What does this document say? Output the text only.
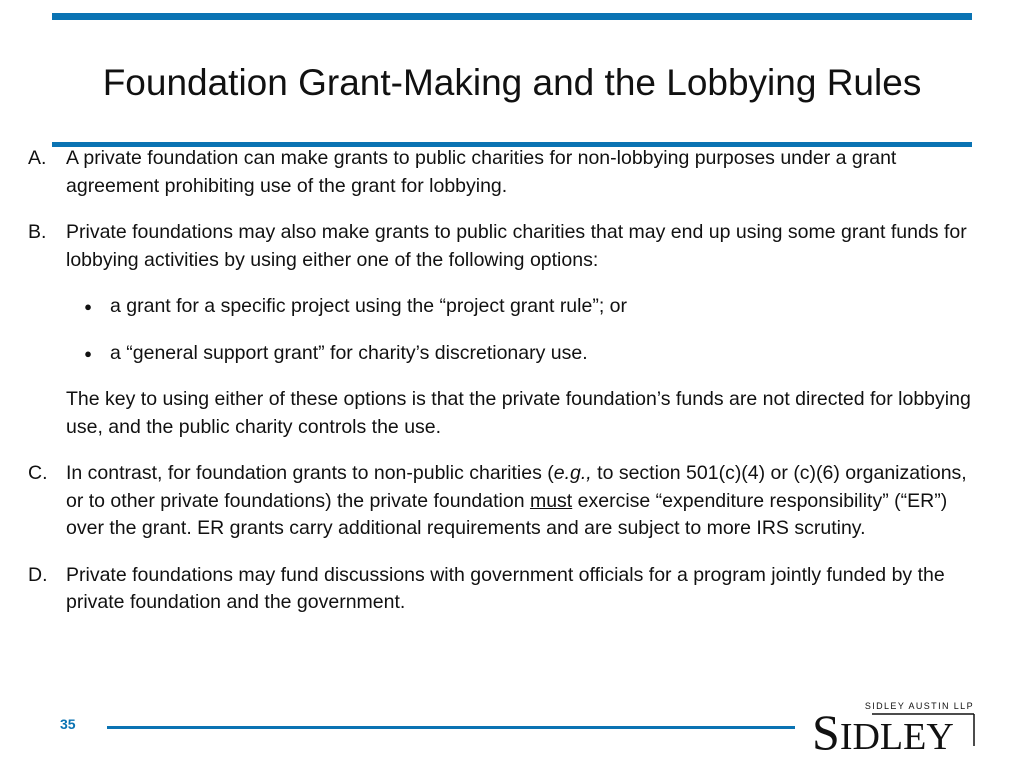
Foundation Grant-Making and the Lobbying Rules
A.	A private foundation can make grants to public charities for non-lobbying purposes under a grant agreement prohibiting use of the grant for lobbying.
B.	Private foundations may also make grants to public charities that may end up using some grant funds for lobbying activities by using either one of the following options:
● a grant for a specific project using the “project grant rule”; or
● a “general support grant” for charity’s discretionary use.

The key to using either of these options is that the private foundation’s funds are not directed for lobbying use, and the public charity controls the use.

C. In contrast, for foundation grants to non-public charities (e.g., to section 501(c)(4) or (c)(6) organizations, or to other private foundations) the private foundation must exercise “expenditure responsibility” (“ER”) over the grant. ER grants carry additional requirements and are subject to more IRS scrutiny.
D. Private foundations may fund discussions with government officials for a program jointly funded by the private foundation and the government.
35
SIDLEY AUSTIN LLP
SIDLEY
